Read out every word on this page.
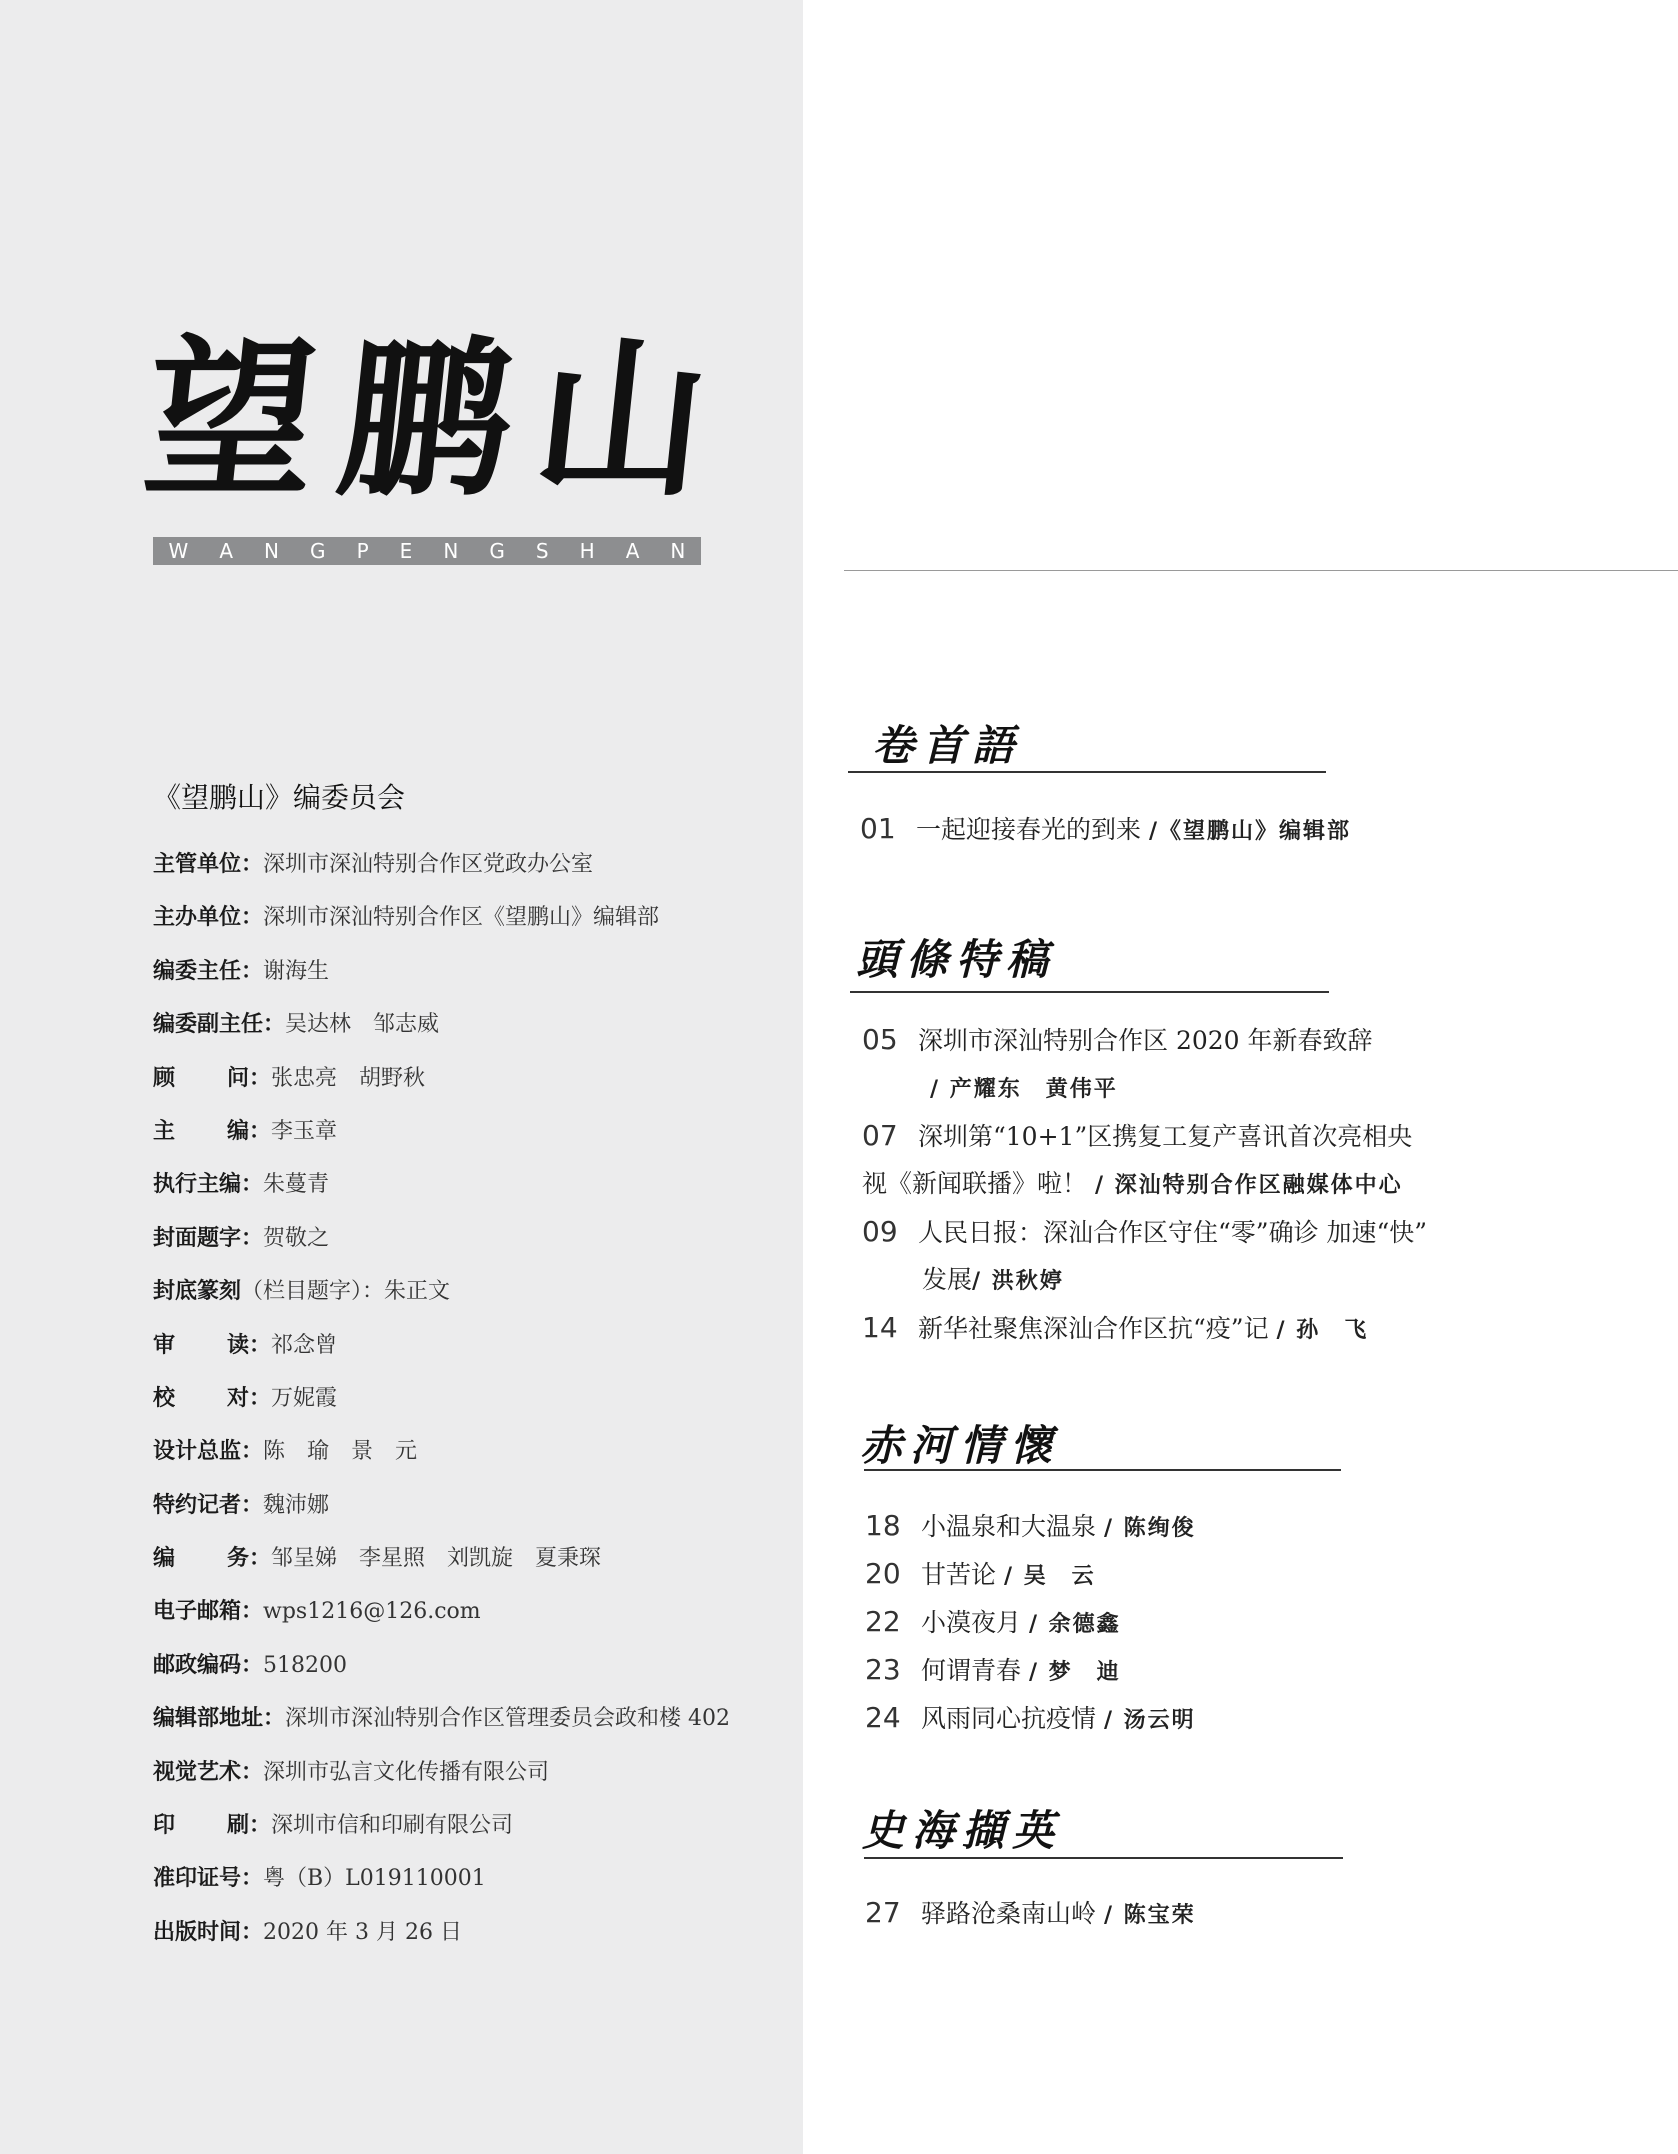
望 鹏 山
W A N G P E N G S H A N
《望鹏山》编委员会
主管单位： 深圳市深汕特别合作区党政办公室
主办单位： 深圳市深汕特别合作区《望鹏山》编辑部
编委主任： 谢海生
编委副主任： 吴达林　邹志威
顾 问： 张忠亮　胡野秋
主 编： 李玉章
执行主编： 朱蔓青
封面题字： 贺敬之
封底篆刻 （栏目题字）： 朱正文
审 读： 祁念曾
校 对： 万妮霞
设计总监： 陈　瑜　景　元
特约记者： 魏沛娜
编 务： 邹呈娣　李星照　刘凯旋　夏秉琛
电子邮箱： wps1216@126.com
邮政编码： 518200
编辑部地址： 深圳市深汕特别合作区管理委员会政和楼 402
视觉艺术： 深圳市弘言文化传播有限公司
印 刷： 深圳市信和印刷有限公司
准印证号： 粤（B）L019110001
出版时间： 2020 年 3 月 26 日
卷首語
01 一起迎接春光的到来 /《望鹏山》编辑部
頭條特稿
05 深圳市深汕特别合作区 2020 年新春致辞
/ 产耀东　黄伟平
07 深圳第“10+1”区携复工复产喜讯首次亮相央
视《新闻联播》啦！ / 深汕特别合作区融媒体中心
09 人民日报：深汕合作区守住“零”确诊 加速“快”
发展/ 洪秋婷
14 新华社聚焦深汕合作区抗“疫”记 / 孙　飞
赤河情懷
18 小温泉和大温泉 / 陈绚俊
20 甘苦论 / 吴　云
22 小漠夜月 / 余德鑫
23 何谓青春 / 梦　迪
24 风雨同心抗疫情 / 汤云明
史海擷英
27 驿路沧桑南山岭 / 陈宝荣
